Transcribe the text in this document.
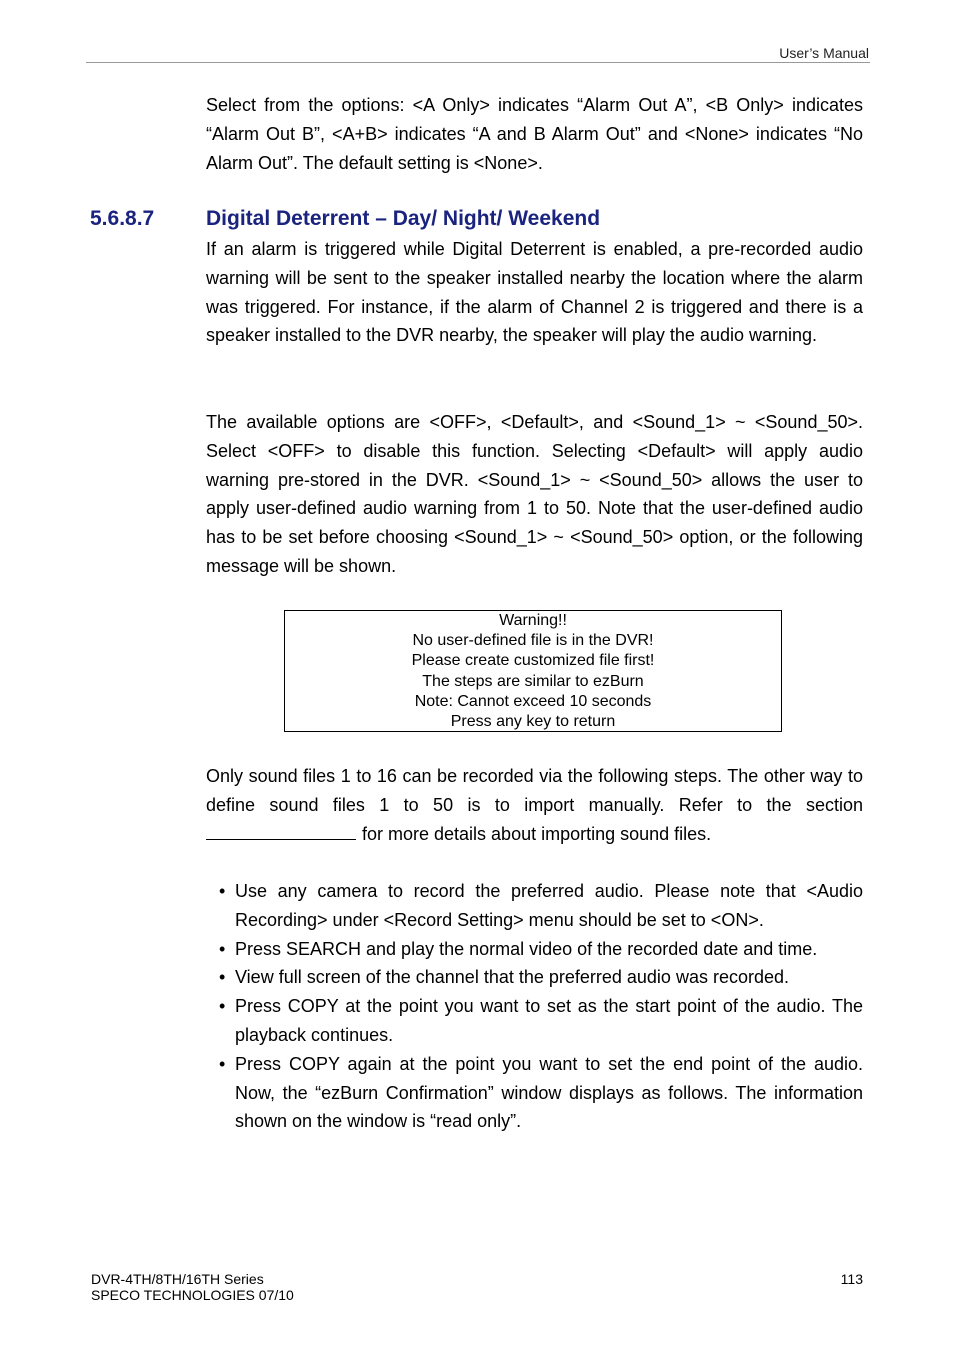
User’s Manual

Select from the options: <A Only> indicates “Alarm Out A”, <B Only> indicates “Alarm Out B”, <A+B> indicates “A and B Alarm Out” and <None> indicates “No Alarm Out”. The default setting is <None>.

5.6.8.7 Digital Deterrent – Day/ Night/ Weekend

If an alarm is triggered while Digital Deterrent is enabled, a pre-recorded audio warning will be sent to the speaker installed nearby the location where the alarm was triggered. For instance, if the alarm of Channel 2 is triggered and there is a speaker installed to the DVR nearby, the speaker will play the audio warning.

The available options are <OFF>, <Default>, and <Sound_1> ~ <Sound_50>. Select <OFF> to disable this function. Selecting <Default> will apply audio warning pre-stored in the DVR. <Sound_1> ~ <Sound_50> allows the user to apply user-defined audio warning from 1 to 50. Note that the user-defined audio has to be set before choosing <Sound_1> ~ <Sound_50> option, or the following message will be shown.

Warning!!
No user-defined file is in the DVR!
Please create customized file first!
The steps are similar to ezBurn
Note: Cannot exceed 10 seconds
Press any key to return

Only sound files 1 to 16 can be recorded via the following steps. The other way to define sound files 1 to 50 is to import manually. Refer to the section for more details about importing sound files.

• Use any camera to record the preferred audio. Please note that <Audio Recording> under <Record Setting> menu should be set to <ON>.
• Press SEARCH and play the normal video of the recorded date and time.
• View full screen of the channel that the preferred audio was recorded.
• Press COPY at the point you want to set as the start point of the audio. The playback continues.
• Press COPY again at the point you want to set the end point of the audio. Now, the “ezBurn Confirmation” window displays as follows. The information shown on the window is “read only”.
DVR-4TH/8TH/16TH Series
SPECO TECHNOLOGIES 07/10
113
